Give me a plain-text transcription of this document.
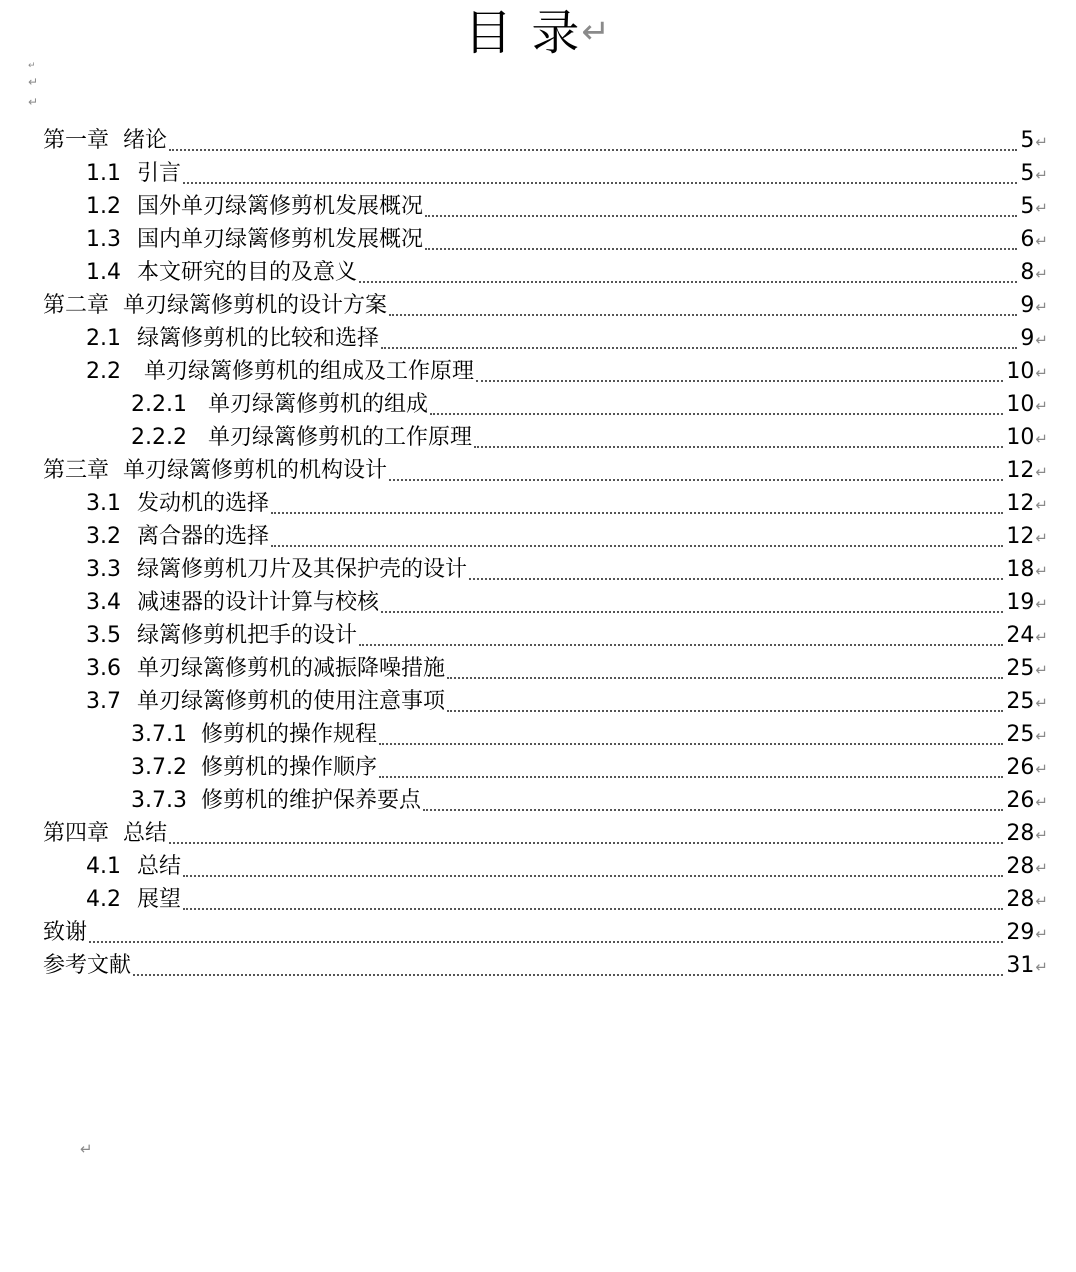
目 录↵
↵
↵
↵
第一章 绪论	5 ↵
1.1 引言	5 ↵
1.2 国外单刃绿篱修剪机发展概况	5 ↵
1.3 国内单刃绿篱修剪机发展概况	6 ↵
1.4 本文研究的目的及意义	8 ↵
第二章 单刃绿篱修剪机的设计方案	9 ↵
2.1 绿篱修剪机的比较和选择	9 ↵
2.2 单刃绿篱修剪机的组成及工作原理	10 ↵
2.2.1 单刃绿篱修剪机的组成	10 ↵
2.2.2 单刃绿篱修剪机的工作原理	10 ↵
第三章 单刃绿篱修剪机的机构设计	12 ↵
3.1 发动机的选择	12 ↵
3.2 离合器的选择	12 ↵
3.3 绿篱修剪机刀片及其保护壳的设计	18 ↵
3.4 减速器的设计计算与校核	19 ↵
3.5 绿篱修剪机把手的设计	24 ↵
3.6 单刃绿篱修剪机的减振降噪措施	25 ↵
3.7 单刃绿篱修剪机的使用注意事项	25 ↵
3.7.1 修剪机的操作规程	25 ↵
3.7.2 修剪机的操作顺序	26 ↵
3.7.3 修剪机的维护保养要点	26 ↵
第四章 总结	28 ↵
4.1 总结	28 ↵
4.2 展望	28 ↵
致谢	29 ↵
参考文献	31 ↵
↵
